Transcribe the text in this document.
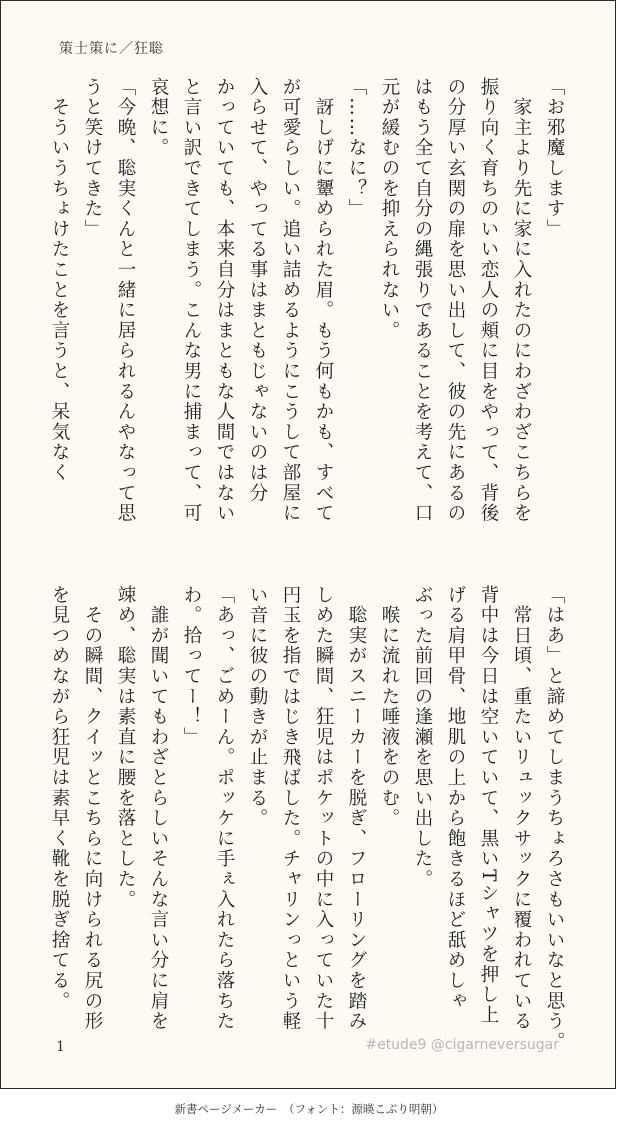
策士策に／狂聡

「お邪魔します」

　家主より先に家に入れたのにわざわざこちらを

振り向く育ちのいい恋人の頬に目をやって、背後

の分厚い玄関の扉を思い出して、彼の先にあるの

はもう全て自分の縄張りであることを考えて、口

元が緩むのを抑えられない。

「……なに？」

　訝しげに顰められた眉。もう何もかも、すべて

が可愛らしい。追い詰めるようにこうして部屋に

入らせて、やってる事はまともじゃないのは分

かっていても、本来自分はまともな人間ではない

と言い訳できてしまう。こんな男に捕まって、可

哀想に。

「今晩、聡実くんと一緒に居られるんやなって思

うと笑けてきた」

　そういうちょけたことを言うと、呆気なく

「はあ」と諦めてしまうちょろさもいいなと思う。

　常日頃、重たいリュックサックに覆われている

背中は今日は空いていて、黒いTシャツを押し上

げる肩甲骨、地肌の上から飽きるほど舐めしゃ

ぶった前回の逢瀬を思い出した。

　喉に流れた唾液をのむ。

　聡実がスニーカーを脱ぎ、フローリングを踏み

しめた瞬間、狂児はポケットの中に入っていた十

円玉を指ではじき飛ばした。チャリンっという軽

い音に彼の動きが止まる。

「あっ、ごめーん。ポッケに手ぇ入れたら落ちた

わ。拾ってー！」

　誰が聞いてもわざとらしいそんな言い分に肩を

竦め、聡実は素直に腰を落とした。

　その瞬間、クイッとこちらに向けられる尻の形

を見つめながら狂児は素早く靴を脱ぎ捨てる。

1	#etude9 @cigarneversugar
新書ページメーカー　（フォント：源暎こぶり明朝）
